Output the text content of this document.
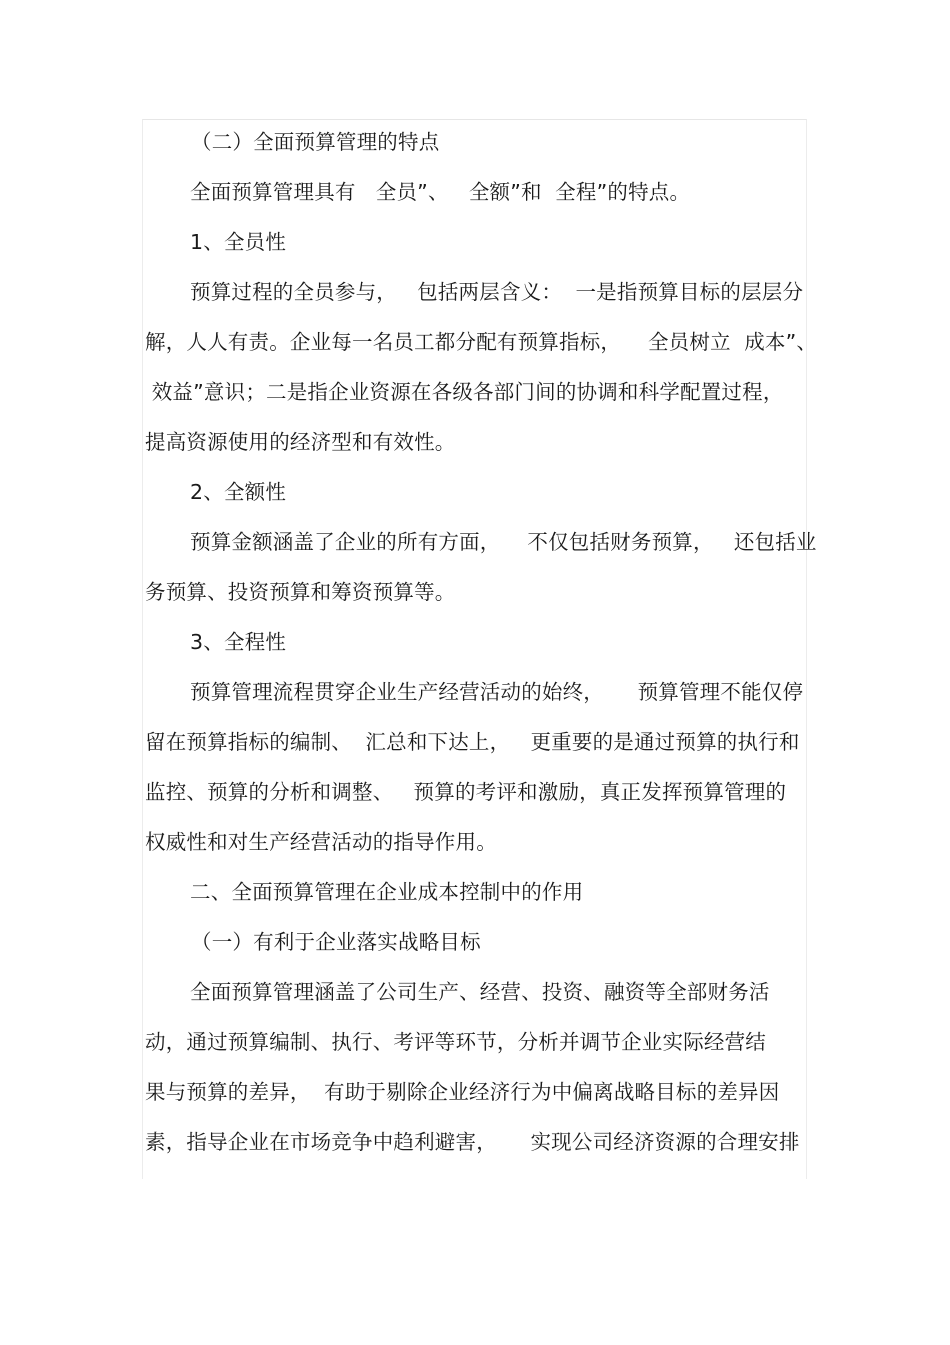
（二）全面预算管理的特点
全面预算管理具有   全员”、   全额”和  全程”的特点。
1、全员性
预算过程的全员参与，   包括两层含义：  一是指预算目标的层层分
解，人人有责。企业每一名员工都分配有预算指标，    全员树立  成本”、
效益”意识；二是指企业资源在各级各部门间的协调和科学配置过程，
提高资源使用的经济型和有效性。
2、全额性
预算金额涵盖了企业的所有方面，    不仅包括财务预算，   还包括业
务预算、投资预算和筹资预算等。
3、全程性
预算管理流程贯穿企业生产经营活动的始终，     预算管理不能仅停
留在预算指标的编制、  汇总和下达上，   更重要的是通过预算的执行和
监控、预算的分析和调整、   预算的考评和激励，真正发挥预算管理的
权威性和对生产经营活动的指导作用。
二、全面预算管理在企业成本控制中的作用
（一）有利于企业落实战略目标
全面预算管理涵盖了公司生产、经营、投资、融资等全部财务活
动，通过预算编制、执行、考评等环节，分析并调节企业实际经营结
果与预算的差异，  有助于剔除企业经济行为中偏离战略目标的差异因
素，指导企业在市场竞争中趋利避害，     实现公司经济资源的合理安排
